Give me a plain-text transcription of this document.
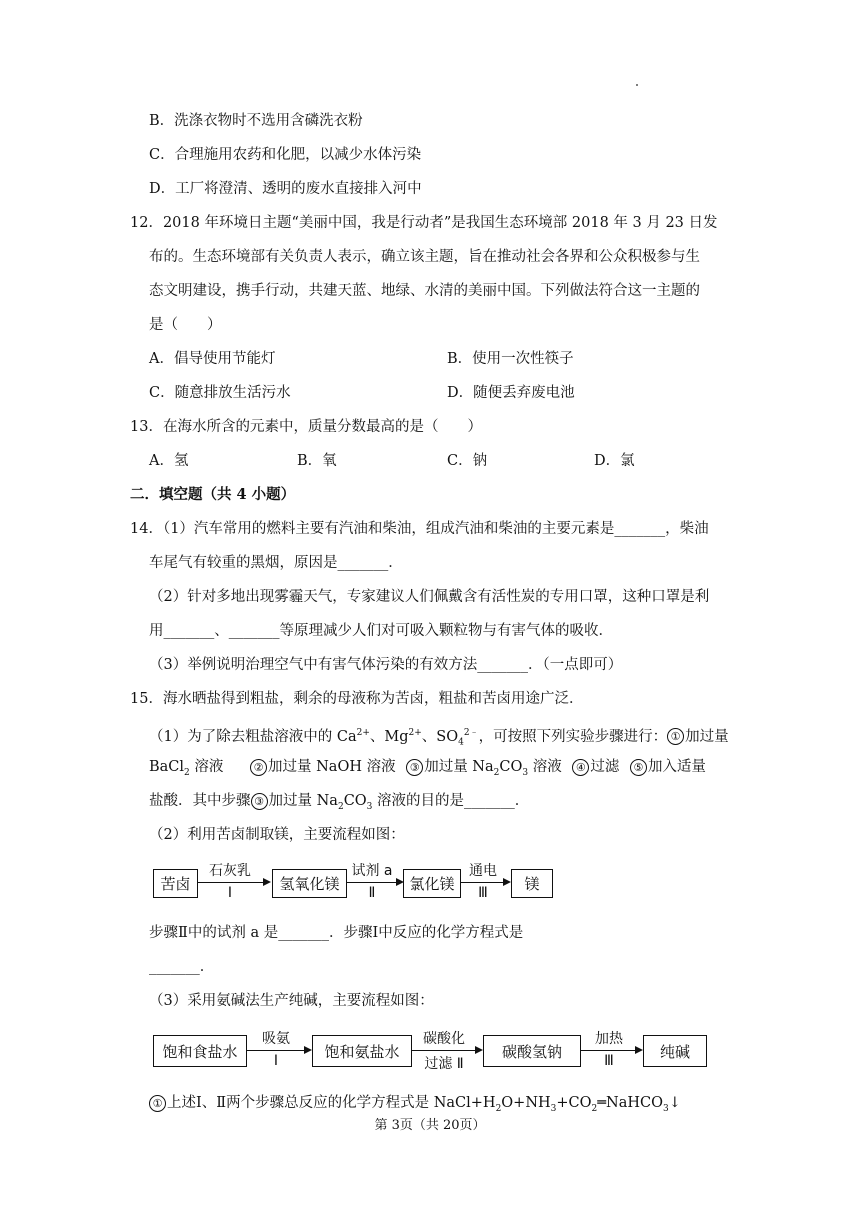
B．洗涤衣物时不选用含磷洗衣粉
C．合理施用农药和化肥，以减少水体污染
D．工厂将澄清、透明的废水直接排入河中
12．2018 年环境日主题“美丽中国，我是行动者”是我国生态环境部 2018 年 3 月 23 日发
布的。生态环境部有关负责人表示，确立该主题，旨在推动社会各界和公众积极参与生
态文明建设，携手行动，共建天蓝、地绿、水清的美丽中国。下列做法符合这一主题的
是（　　）
A．倡导使用节能灯	B．使用一次性筷子
C．随意排放生活污水	D．随便丢弃废电池
13．在海水所含的元素中，质量分数最高的是（　　）
A．氢	B．氧	C．钠	D．氯
二．填空题（共 4 小题）
14．（1）汽车常用的燃料主要有汽油和柴油，组成汽油和柴油的主要元素是_______，柴油
车尾气有较重的黑烟，原因是_______．
（2）针对多地出现雾霾天气，专家建议人们佩戴含有活性炭的专用口罩，这种口罩是利
用_______、_______等原理减少人们对可吸入颗粒物与有害气体的吸收．
（3）举例说明治理空气中有害气体污染的有效方法_______．（一点即可）
15．海水晒盐得到粗盐，剩余的母液称为苦卤，粗盐和苦卤用途广泛．
（1）为了除去粗盐溶液中的 $Ca^{2+}$、$Mg^{2+}$、$SO_4^{2﹣}$，可按照下列实验步骤进行： ① 加过量
BaCl$_2$ 溶液	② 加过量 NaOH 溶液 ③ 加过量 $Na_2CO_3$ 溶液 ④ 过滤 ⑤ 加入适量
盐酸．其中步骤 ③ 加过量 $Na_2CO_3$ 溶液的目的是_______．
（2）利用苦卤制取镁，主要流程如图：
苦卤
石灰乳
Ⅰ	氢氧化镁
试剂 a
Ⅱ	氯化镁
通电
Ⅲ	镁
步骤Ⅱ中的试剂 a 是_______．步骤Ⅰ中反应的化学方程式是
_______．
（3）采用氨碱法生产纯碱，主要流程如图：
饱和食盐水
吸氨
Ⅰ
饱和氨盐水
碳酸化
过滤 Ⅱ
碳酸氢钠
加热
Ⅲ
纯碱
① 上述Ⅰ、Ⅱ两个步骤总反应的化学方程式是 $NaCl+H_2O+NH_3+CO_2═NaHCO_3↓$
第 3页（共 20页）
